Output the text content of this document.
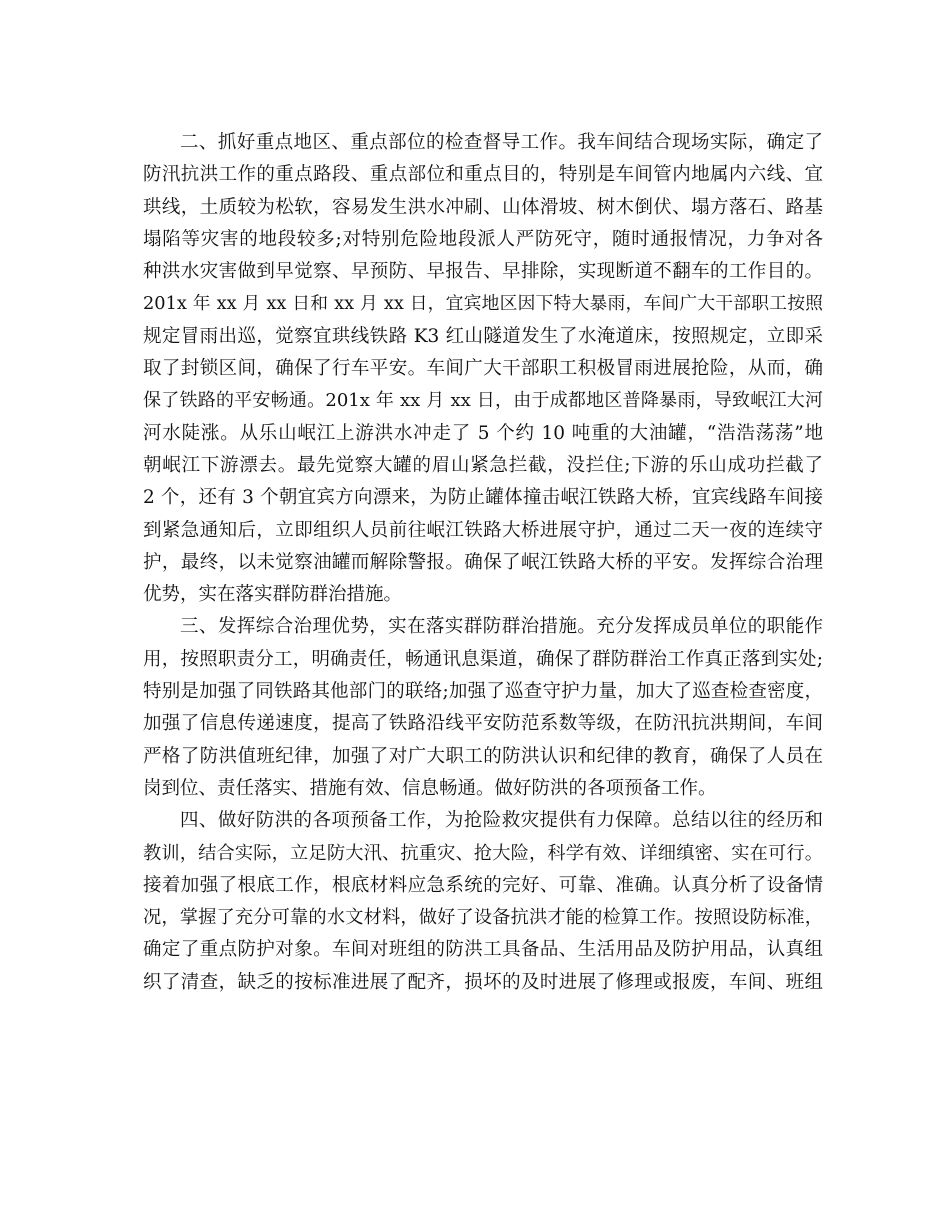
二、抓好重点地区、重点部位的检查督导工作。我车间结合现场实际，确定了
防汛抗洪工作的重点路段、重点部位和重点目的，特别是车间管内地属内六线、宜
珙线，土质较为松软，容易发生洪水冲刷、山体滑坡、树木倒伏、塌方落石、路基
塌陷等灾害的地段较多;对特别危险地段派人严防死守，随时通报情况，力争对各
种洪水灾害做到早觉察、早预防、早报告、早排除，实现断道不翻车的工作目的。
201x 年 xx 月 xx 日和 xx 月 xx 日，宜宾地区因下特大暴雨，车间广大干部职工按照
规定冒雨出巡，觉察宜珙线铁路 K3 红山隧道发生了水淹道床，按照规定，立即采
取了封锁区间，确保了行车平安。车间广大干部职工积极冒雨进展抢险，从而，确
保了铁路的平安畅通。201x 年 xx 月 xx 日，由于成都地区普降暴雨，导致岷江大河
河水陡涨。从乐山岷江上游洪水冲走了 5 个约 10 吨重的大油罐，“浩浩荡荡”地
朝岷江下游漂去。最先觉察大罐的眉山紧急拦截，没拦住;下游的乐山成功拦截了
2 个，还有 3 个朝宜宾方向漂来，为防止罐体撞击岷江铁路大桥，宜宾线路车间接
到紧急通知后，立即组织人员前往岷江铁路大桥进展守护，通过二天一夜的连续守
护，最终，以未觉察油罐而解除警报。确保了岷江铁路大桥的平安。发挥综合治理
优势，实在落实群防群治措施。
三、发挥综合治理优势，实在落实群防群治措施。充分发挥成员单位的职能作
用，按照职责分工，明确责任，畅通讯息渠道，确保了群防群治工作真正落到实处;
特别是加强了同铁路其他部门的联络;加强了巡查守护力量，加大了巡查检查密度，
加强了信息传递速度，提高了铁路沿线平安防范系数等级，在防汛抗洪期间，车间
严格了防洪值班纪律，加强了对广大职工的防洪认识和纪律的教育，确保了人员在
岗到位、责任落实、措施有效、信息畅通。做好防洪的各项预备工作。
四、做好防洪的各项预备工作，为抢险救灾提供有力保障。总结以往的经历和
教训，结合实际，立足防大汛、抗重灾、抢大险，科学有效、详细缜密、实在可行。
接着加强了根底工作，根底材料应急系统的完好、可靠、准确。认真分析了设备情
况，掌握了充分可靠的水文材料，做好了设备抗洪才能的检算工作。按照设防标准，
确定了重点防护对象。车间对班组的防洪工具备品、生活用品及防护用品，认真组
织了清查，缺乏的按标准进展了配齐，损坏的及时进展了修理或报废，车间、班组
